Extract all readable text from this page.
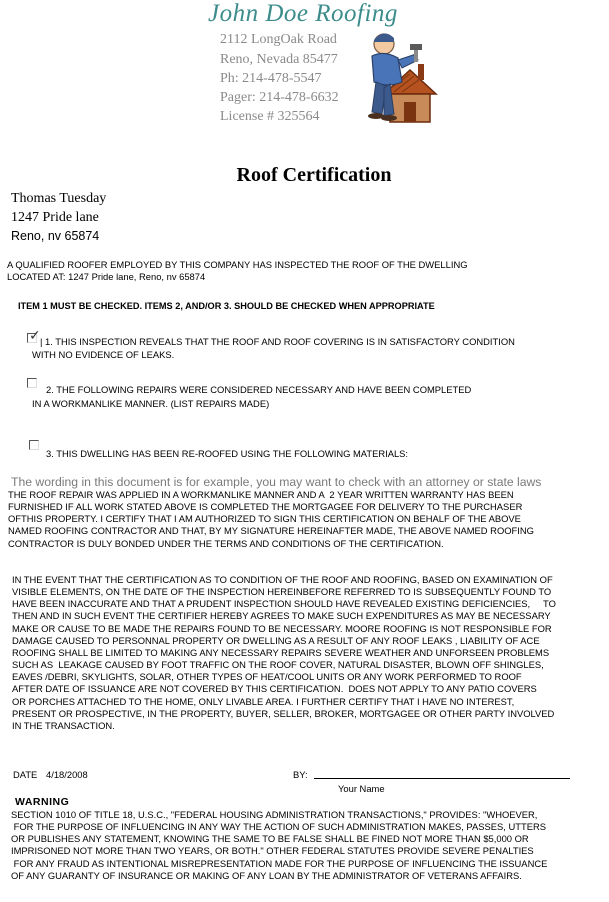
John Doe Roofing
2112 LongOak Road
Reno, Nevada 85477
Ph: 214-478-5547
Pager: 214-478-6632
License # 325564
Roof Certification
Thomas Tuesday
1247 Pride lane
Reno, nv 65874
A QUALIFIED ROOFER EMPLOYED BY THIS COMPANY HAS INSPECTED THE ROOF OF THE DWELLING
LOCATED AT: 1247 Pride lane, Reno, nv 65874
ITEM 1 MUST BE CHECKED. ITEMS 2, AND/OR 3. SHOULD BE CHECKED WHEN APPROPRIATE
✓ | 1. THIS INSPECTION REVEALS THAT THE ROOF AND ROOF COVERING IS IN SATISFACTORY CONDITION
WITH NO EVIDENCE OF LEAKS.
2. THE FOLLOWING REPAIRS WERE CONSIDERED NECESSARY AND HAVE BEEN COMPLETED
IN A WORKMANLIKE MANNER. (LIST REPAIRS MADE)
3. THIS DWELLING HAS BEEN RE-ROOFED USING THE FOLLOWING MATERIALS:
The wording in this document is for example, you may want to check with an attorney or state laws
THE ROOF REPAIR WAS APPLIED IN A WORKMANLIKE MANNER AND A  2 YEAR WRITTEN WARRANTY HAS BEEN
FURNISHED IF ALL WORK STATED ABOVE IS COMPLETED THE MORTGAGEE FOR DELIVERY TO THE PURCHASER
OFTHIS PROPERTY. I CERTIFY THAT I AM AUTHORIZED TO SIGN THIS CERTIFICATION ON BEHALF OF THE ABOVE
NAMED ROOFING CONTRACTOR AND THAT, BY MY SIGNATURE HEREINAFTER MADE, THE ABOVE NAMED ROOFING
CONTRACTOR IS DULY BONDED UNDER THE TERMS AND CONDITIONS OF THE CERTIFICATION.
IN THE EVENT THAT THE CERTIFICATION AS TO CONDITION OF THE ROOF AND ROOFING, BASED ON EXAMINATION OF
VISIBLE ELEMENTS, ON THE DATE OF THE INSPECTION HEREINBEFORE REFERRED TO IS SUBSEQUENTLY FOUND TO
HAVE BEEN INACCURATE AND THAT A PRUDENT INSPECTION SHOULD HAVE REVEALED EXISTING DEFICIENCIES,     TO
THEN AND IN SUCH EVENT THE CERTIFIER HEREBY AGREES TO MAKE SUCH EXPENDITURES AS MAY BE NECESSARY
MAKE OR CAUSE TO BE MADE THE REPAIRS FOUND TO BE NECESSARY. MOORE ROOFING IS NOT RESPONSIBLE FOR
DAMAGE CAUSED TO PERSONNAL PROPERTY OR DWELLING AS A RESULT OF ANY ROOF LEAKS , LIABILITY OF ACE
ROOFING SHALL BE LIMITED TO MAKING ANY NECESSARY REPAIRS SEVERE WEATHER AND UNFORSEEN PROBLEMS
SUCH AS  LEAKAGE CAUSED BY FOOT TRAFFIC ON THE ROOF COVER, NATURAL DISASTER, BLOWN OFF SHINGLES,
EAVES /DEBRI, SKYLIGHTS, SOLAR, OTHER TYPES OF HEAT/COOL UNITS OR ANY WORK PERFORMED TO ROOF
AFTER DATE OF ISSUANCE ARE NOT COVERED BY THIS CERTIFICATION.  DOES NOT APPLY TO ANY PATIO COVERS
OR PORCHES ATTACHED TO THE HOME, ONLY LIVABLE AREA. I FURTHER CERTIFY THAT I HAVE NO INTEREST,
PRESENT OR PROSPECTIVE, IN THE PROPERTY, BUYER, SELLER, BROKER, MORTGAGEE OR OTHER PARTY INVOLVED
IN THE TRANSACTION.
DATE 4/18/2008	BY:
Your Name
WARNING
SECTION 1010 OF TITLE 18, U.S.C., "FEDERAL HOUSING ADMINISTRATION TRANSACTIONS," PROVIDES: "WHOEVER,
FOR THE PURPOSE OF INFLUENCING IN ANY WAY THE ACTION OF SUCH ADMINISTRATION MAKES, PASSES, UTTERS
OR PUBLISHES ANY STATEMENT, KNOWING THE SAME TO BE FALSE SHALL BE FINED NOT MORE THAN $5,000 OR
IMPRISONED NOT MORE THAN TWO YEARS, OR BOTH." OTHER FEDERAL STATUTES PROVIDE SEVERE PENALTIES
FOR ANY FRAUD AS INTENTIONAL MISREPRESENTATION MADE FOR THE PURPOSE OF INFLUENCING THE ISSUANCE
OF ANY GUARANTY OF INSURANCE OR MAKING OF ANY LOAN BY THE ADMINISTRATOR OF VETERANS AFFAIRS.
